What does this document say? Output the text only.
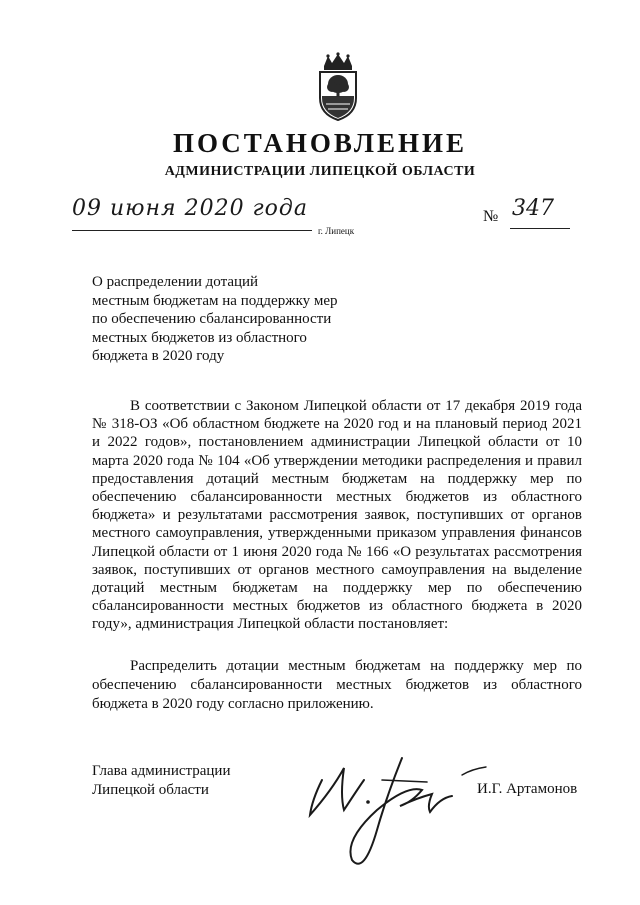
ПОСТАНОВЛЕНИЕ
АДМИНИСТРАЦИИ ЛИПЕЦКОЙ ОБЛАСТИ
09 июня 2020 года
г. Липецк
№ 347
О распределении дотаций
местным бюджетам на поддержку мер
по обеспечению сбалансированности
местных бюджетов из областного
бюджета в 2020 году
В соответствии с Законом Липецкой области от 17 декабря 2019 года № 318-ОЗ «Об областном бюджете на 2020 год и на плановый период 2021 и 2022 годов», постановлением администрации Липецкой области от 10 марта 2020 года № 104 «Об утверждении методики распределения и правил предоставления дотаций местным бюджетам на поддержку мер по обеспечению сбалансированности местных бюджетов из областного бюджета» и результатами рассмотрения заявок, поступивших от органов местного самоуправления, утвержденными приказом управления финансов Липецкой области от 1 июня 2020 года № 166 «О результатах рассмотрения заявок, поступивших от органов местного самоуправления на выделение дотаций местным бюджетам на поддержку мер по обеспечению сбалансированности местных бюджетов из областного бюджета в 2020 году», администрация Липецкой области постановляет:
Распределить дотации местным бюджетам на поддержку мер по обеспечению сбалансированности местных бюджетов из областного бюджета в 2020 году согласно приложению.
Глава администрации
Липецкой области	И.Г. Артамонов
